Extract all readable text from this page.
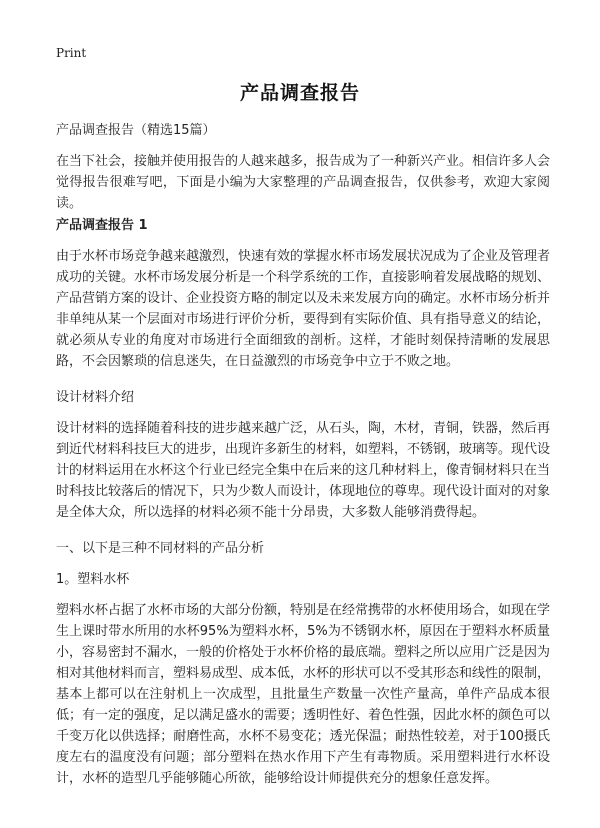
Print
产品调查报告
产品调查报告（精选15篇）
在当下社会，接触并使用报告的人越来越多，报告成为了一种新兴产业。相信许多人会觉得报告很难写吧，下面是小编为大家整理的产品调查报告，仅供参考，欢迎大家阅读。
产品调查报告 1
由于水杯市场竞争越来越激烈，快速有效的掌握水杯市场发展状况成为了企业及管理者成功的关键。水杯市场发展分析是一个科学系统的工作，直接影响着发展战略的规划、产品营销方案的设计、企业投资方略的制定以及未来发展方向的确定。水杯市场分析并非单纯从某一个层面对市场进行评价分析，要得到有实际价值、具有指导意义的结论，就必须从专业的角度对市场进行全面细致的剖析。这样，才能时刻保持清晰的发展思路，不会因繁琐的信息迷失，在日益激烈的市场竞争中立于不败之地。
设计材料介绍
设计材料的选择随着科技的进步越来越广泛，从石头，陶，木材，青铜，铁器，然后再到近代材料科技巨大的进步，出现许多新生的材料，如塑料，不锈钢，玻璃等。现代设计的材料运用在水杯这个行业已经完全集中在后来的这几种材料上，像青铜材料只在当时科技比较落后的情况下，只为少数人而设计，体现地位的尊卑。现代设计面对的对象是全体大众，所以选择的材料必须不能十分昂贵，大多数人能够消费得起。
一、以下是三种不同材料的产品分析
1。塑料水杯
塑料水杯占据了水杯市场的大部分份额，特别是在经常携带的水杯使用场合，如现在学生上课时带水所用的水杯95%为塑料水杯，5%为不锈钢水杯，原因在于塑料水杯质量小，容易密封不漏水，一般的价格处于水杯价格的最底端。塑料之所以应用广泛是因为相对其他材料而言，塑料易成型、成本低，水杯的形状可以不受其形态和线性的限制，基本上都可以在注射机上一次成型，且批量生产数量一次性产量高，单件产品成本很低；有一定的强度，足以满足盛水的需要；透明性好、着色性强，因此水杯的颜色可以千变万化以供选择；耐磨性高，水杯不易变花；透光保温；耐热性较差，对于100摄氏度左右的温度没有问题；部分塑料在热水作用下产生有毒物质。采用塑料进行水杯设计，水杯的造型几乎能够随心所欲，能够给设计师提供充分的想象任意发挥。
